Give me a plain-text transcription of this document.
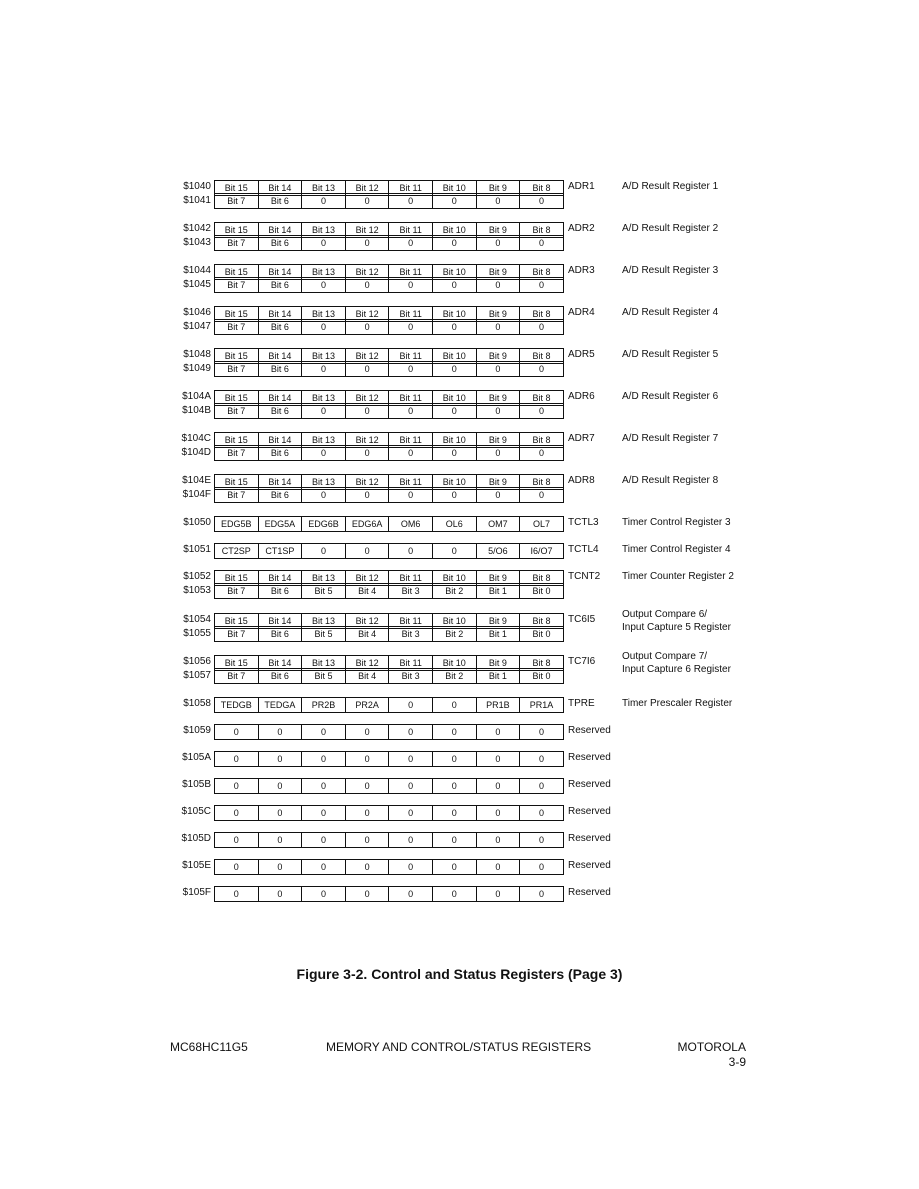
$1040	Bit 15	Bit 14	Bit 13	Bit 12	Bit 11	Bit 10	Bit 9	Bit 8
$1041	Bit 7	Bit 6	0	0	0	0	0	0
ADR1	A/D Result Register 1
$1042	Bit 15	Bit 14	Bit 13	Bit 12	Bit 11	Bit 10	Bit 9	Bit 8
$1043	Bit 7	Bit 6	0	0	0	0	0	0
ADR2	A/D Result Register 2
$1044	Bit 15	Bit 14	Bit 13	Bit 12	Bit 11	Bit 10	Bit 9	Bit 8
$1045	Bit 7	Bit 6	0	0	0	0	0	0
ADR3	A/D Result Register 3
$1046	Bit 15	Bit 14	Bit 13	Bit 12	Bit 11	Bit 10	Bit 9	Bit 8
$1047	Bit 7	Bit 6	0	0	0	0	0	0
ADR4	A/D Result Register 4
$1048	Bit 15	Bit 14	Bit 13	Bit 12	Bit 11	Bit 10	Bit 9	Bit 8
$1049	Bit 7	Bit 6	0	0	0	0	0	0
ADR5	A/D Result Register 5
$104A	Bit 15	Bit 14	Bit 13	Bit 12	Bit 11	Bit 10	Bit 9	Bit 8
$104B	Bit 7	Bit 6	0	0	0	0	0	0
ADR6	A/D Result Register 6
$104C	Bit 15	Bit 14	Bit 13	Bit 12	Bit 11	Bit 10	Bit 9	Bit 8
$104D	Bit 7	Bit 6	0	0	0	0	0	0
ADR7	A/D Result Register 7
$104E	Bit 15	Bit 14	Bit 13	Bit 12	Bit 11	Bit 10	Bit 9	Bit 8
$104F	Bit 7	Bit 6	0	0	0	0	0	0
ADR8	A/D Result Register 8
$1050	EDG5B	EDG5A	EDG6B	EDG6A	OM6	OL6	OM7	OL7	TCTL3 Timer Control Register 3
$1051	CT2SP	CT1SP	0	0	0	0	5/O6	I6/O7	TCTL4 Timer Control Register 4
$1052	Bit 15	Bit 14	Bit 13	Bit 12	Bit 11	Bit 10	Bit 9	Bit 8
$1053	Bit 7	Bit 6	Bit 5	Bit 4	Bit 3	Bit 2	Bit 1	Bit 0
TCNT2 Timer Counter Register 2
$1054	Bit 15	Bit 14	Bit 13	Bit 12	Bit 11	Bit 10	Bit 9	Bit 8
$1055	Bit 7	Bit 6	Bit 5	Bit 4	Bit 3	Bit 2	Bit 1	Bit 0
TC6I5	Output Compare 6/
Input Capture 5 Register
$1056	Bit 15	Bit 14	Bit 13	Bit 12	Bit 11	Bit 10	Bit 9	Bit 8
$1057	Bit 7	Bit 6	Bit 5	Bit 4	Bit 3	Bit 2	Bit 1	Bit 0
TC7I6	Output Compare 7/
Input Capture 6 Register
$1058	TEDGB	TEDGA	PR2B	PR2A	0	0	PR1B	PR1A	TPRE	Timer Prescaler Register
$1059	0	0	0	0	0	0	0	0	Reserved
$105A	0	0	0	0	0	0	0	0	Reserved
$105B	0	0	0	0	0	0	0	0	Reserved
$105C	0	0	0	0	0	0	0	0	Reserved
$105D	0	0	0	0	0	0	0	0	Reserved
$105E	0	0	0	0	0	0	0	0	Reserved
$105F	0	0	0	0	0	0	0	0	Reserved
Figure 3-2. Control and Status Registers (Page 3)
MC68HC11G5	MEMORY AND CONTROL/STATUS REGISTERS	MOTOROLA
3-9
